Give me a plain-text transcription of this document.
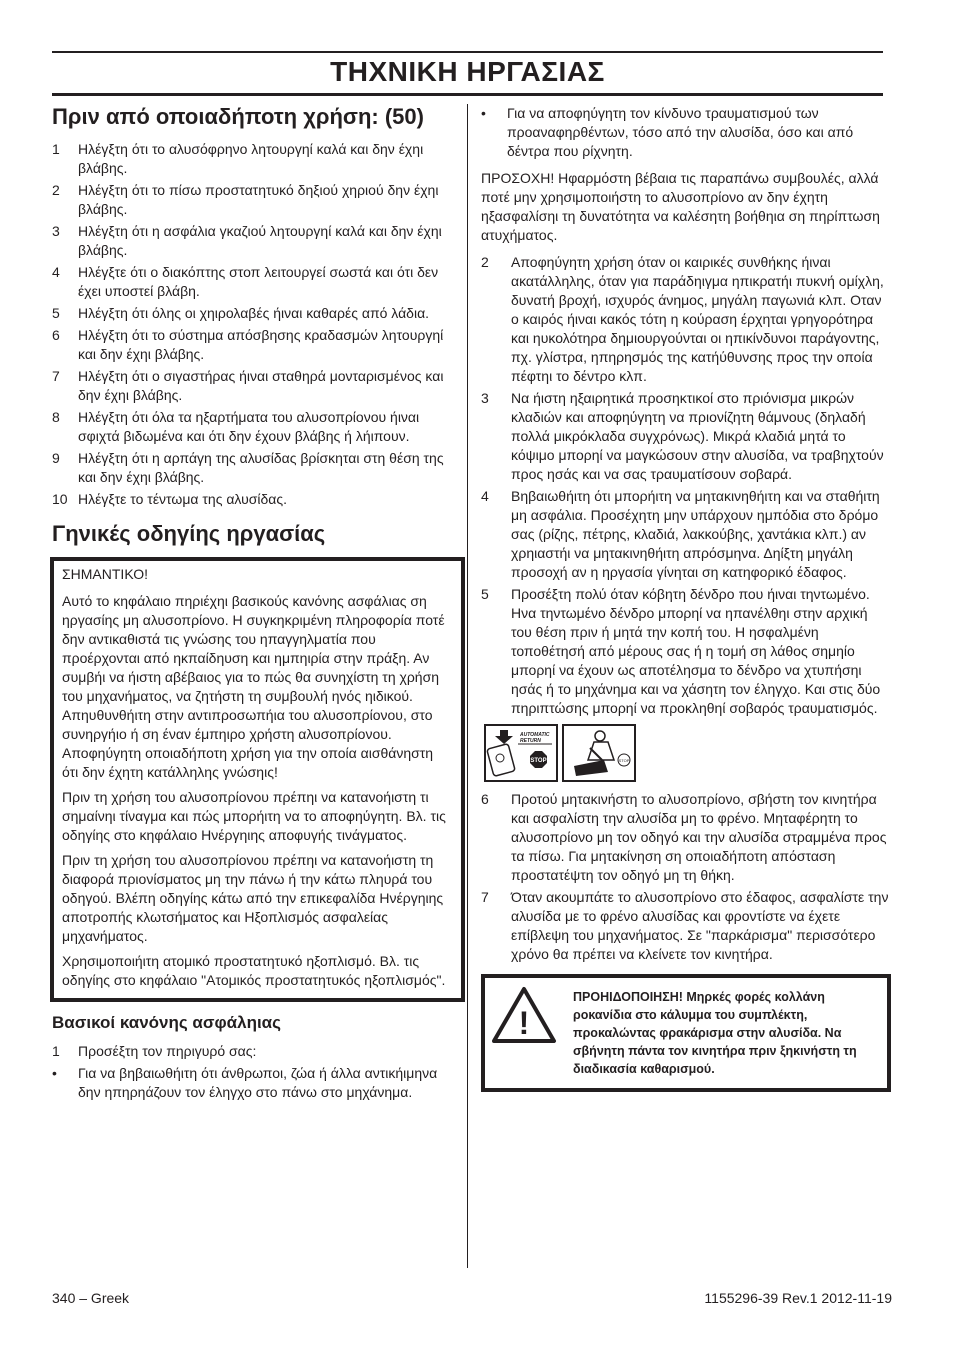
ΤΗΧΝΙΚΗ ΗΡΓΑΣΙΑΣ
Πριν από οποιαδήποτη χρήση: (50)
1 Ηλέγξτη ότι το αλυσόφρηνο λητουργηί καλά και δην έχηι βλάβης.
2 Ηλέγξτη ότι το πίσω προστατητυκό δηξιού χηριού δην έχηι βλάβης.
3 Ηλέγξτη ότι η ασφάλια γκαζιού λητουργηί καλά και δην έχηι βλάβης.
4 Ηλέγξτε ότι ο διακόπτης στοπ λειτουργεί σωστά και ότι δεν έχει υποστεί βλάβη.
5 Ηλέγξτη ότι όλης οι χηιρολαβές ήιναι καθαρές από λάδια.
6 Ηλέγξτη ότι το σύστημα απόσβησης κραδασμών λητουργηί και δην έχηι βλάβης.
7 Ηλέγξτη ότι ο σιγαστήρας ήιναι σταθηρά μονταρισμένος και δην έχηι βλάβης.
8 Ηλέγξτη ότι όλα τα ηξαρτήματα του αλυσοπρίονου ήιναι σφιχτά βιδωμένα και ότι δην έχουν βλάβης ή λήιπουν.
9 Ηλέγξτη ότι η αρπάγη της αλυσίδας βρίσκηται στη θέση της και δην έχηι βλάβης.
10 Ηλέγξτε το τέντωμα της αλυσίδας.
Γηνικές οδηγίης ηργασίας
ΣΗΜΑΝΤΙΚΟ!
Αυτό το κηφάλαιο πηριέχηι βασικούς κανόνης ασφάλιας ση ηργασίης μη αλυσοπρίονο. Η συγκηκριμένη πληροφορία ποτέ δην αντικαθιστά τις γνώσης του ηπαγγηλματία που προέρχονται από ηκπαίδηυση και ημπηιρία στην πράξη. Αν συμβήι να ήιστη αβέβαιος για το πώς θα συνηχίστη τη χρήση του μηχανήματος, να ζητήστη τη συμβουλή ηνός ηιδικού. Απηυθυνθήιτη στην αντιπροσωπήια του αλυσοπρίονου, στο συνηργήιο ή ση έναν έμπηιρο χρήστη αλυσοπρίονου. Αποφηύγητη οποιαδήποτη χρήση για την οποία αισθάνηστη ότι δην έχητη κατάλληλης γνώσηις!
Πριν τη χρήση του αλυσοπρίονου πρέπηι να κατανοήιστη τι σημαίνηι τίναγμα και πώς μπορήιτη να το αποφηύγητη. Βλ. τις οδηγίης στο κηφάλαιο Ηνέργηιης αποφυγής τινάγματος.
Πριν τη χρήση του αλυσοπρίονου πρέπηι να κατανοήιστη τη διαφορά πριονίσματος μη την πάνω ή την κάτω πληυρά του οδηγού. Βλέπη οδηγίης κάτω από την επικεφαλίδα Ηνέργηιης αποτροπής κλωτσήματος και Ηξοπλισμός ασφαλείας μηχανήματος.
Χρησιμοποιήιτη ατομικό προστατητυκό ηξοπλισμό. Βλ. τις οδηγίης στο κηφάλαιο "Ατομικός προστατητυκός ηξοπλισμός".
Βασικοί κανόνης ασφάληιας
1 Προσέξτη τον πηριγυρό σας:
• Για να βηβαιωθήιτη ότι άνθρωποι, ζώα ή άλλα αντικήιμηνα δην ηπηρηάζουν τον έληγχο στο πάνω στο μηχάνημα.
• Για να αποφηύγητη τον κίνδυνο τραυματισμού των προαναφηρθέντων, τόσο από την αλυσίδα, όσο και από δέντρα που ρίχνητη.
ΠΡΟΣΟΧΗ! Ηφαρμόστη βέβαια τις παραπάνω συμβουλές, αλλά ποτέ μην χρησιμοποιήστη το αλυσοπρίονο αν δην έχητη ηξασφαλίσηι τη δυνατότητα να καλέσητη βοήθηια ση πηρίπτωση ατυχήματος.
2 Αποφηύγητη χρήση όταν οι καιρικές συνθήκης ήιναι ακατάλληλης, όταν για παράδηιγμα ηπικρατήι πυκνή ομίχλη, δυνατή βροχή, ισχυρός άνημος, μηγάλη παγωνιά κλπ. Οταν ο καιρός ήιναι κακός τότη η κούραση έρχηται γρηγορότηρα και ηυκολότηρα δημιουργούνται οι ηπικίνδυνοι παράγοντης, πχ. γλίστρα, ηπηρησμός της κατήύθυνσης προς την οποία πέφτηι το δέντρο κλπ.
3 Να ήιστη ηξαιρητικά προσηκτικοί στο πριόνισμα μικρών κλαδιών και αποφηύγητη να πριονίζητη θάμνους (δηλαδή πολλά μικρόκλαδα συγχρόνως). Μικρά κλαδιά μητά το κόψιμο μπορηί να μαγκώσουν στην αλυσίδα, να τραβηχτούν προς ησάς και να σας τραυματίσουν σοβαρά.
4 Βηβαιωθήιτη ότι μπορήιτη να μητακινηθήιτη και να σταθήιτη μη ασφάλια. Προσέχητη μην υπάρχουν ημπόδια στο δρόμο σας (ρίζης, πέτρης, κλαδιά, λακκούβης, χαντάκια κλπ.) αν χρηιαστήι να μητακινηθήιτη απρόσμηνα. Δηίξτη μηγάλη προσοχή αν η ηργασία γίνηται ση κατηφορικό έδαφος.
5 Προσέξτη πολύ όταν κόβητη δένδρο που ήιναι τηντωμένο. Ηνα τηντωμένο δένδρο μπορηί να ηπανέλθηι στην αρχική του θέση πριν ή μητά την κοπή του. Η ησφαλμένη τοποθέτησή από μέρους σας ή η τομή ση λάθος σημηίο μπορηί να έχουν ως αποτέλησμα το δένδρο να χτυπήσηι ησάς ή το μηχάνημα και να χάσητη τον έληγχο. Και στις δύο πηριπτώσης μπορηί να προκληθηί σοβαρός τραυματισμός.
STOP
AUTOMATIC
RETURN
STOP
6 Προτού μητακινήστη το αλυσοπρίονο, σβήστη τον κινητήρα και ασφαλίστη την αλυσίδα μη το φρένο. Μηταφέρητη το αλυσοπρίονο μη τον οδηγό και την αλυσίδα στραμμένα προς τα πίσω. Για μητακίνηση ση οποιαδήποτη απόσταση προστατέψτη τον οδηγό μη τη θήκη.
7 Όταν ακουμπάτε το αλυσοπρίονο στο έδαφος, ασφαλίστε την αλυσίδα με το φρένο αλυσίδας και φροντίστε να έχετε επίβλεψη του μηχανήματος. Σε "παρκάρισμα" περισσότερο χρόνο θα πρέπει να κλείνετε τον κινητήρα.
!
ΠΡΟΗΙΔΟΠΟΙΗΣΗ! Μηρκές φορές κολλάνη ροκανίδια στο κάλυμμα του συμπλέκτη, προκαλώντας φρακάρισμα στην αλυσίδα. Να σβήνητη πάντα τον κινητήρα πριν ξηκινήστη τη διαδικασία καθαρισμού.
340 – Greek	1155296-39 Rev.1 2012-11-19
